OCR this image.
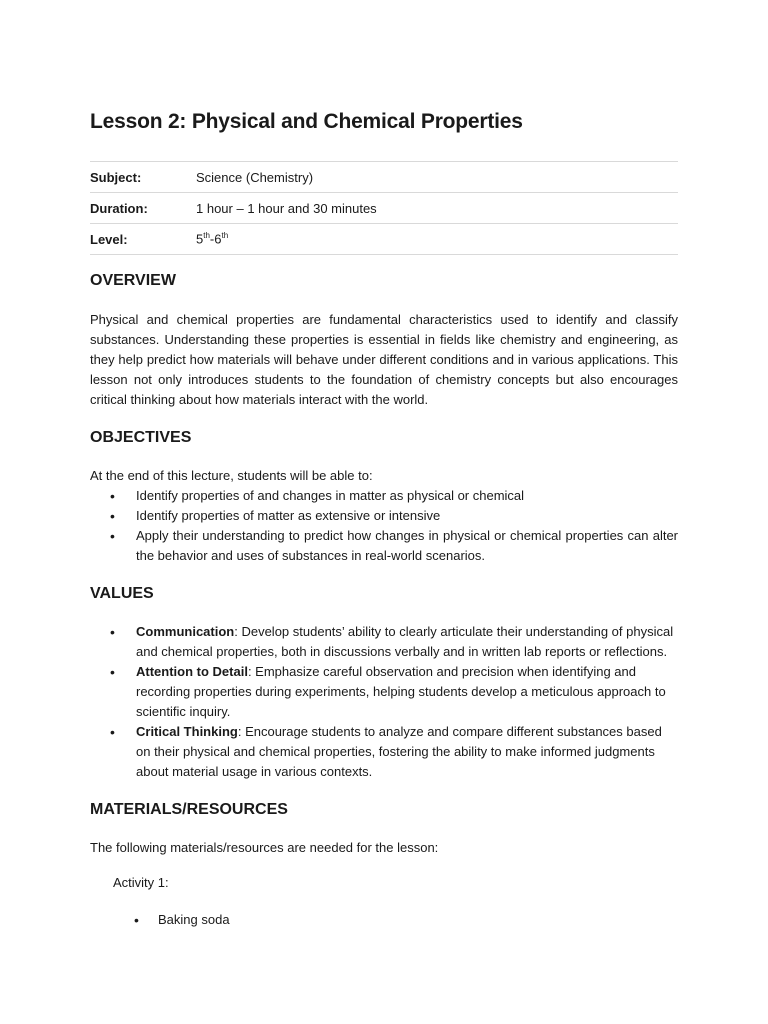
Lesson 2: Physical and Chemical Properties
Subject:	Science (Chemistry)
Duration:	1 hour – 1 hour and 30 minutes
Level:	5th-6th
OVERVIEW

Physical and chemical properties are fundamental characteristics used to identify and classify substances. Understanding these properties is essential in fields like chemistry and engineering, as they help predict how materials will behave under different conditions and in various applications. This lesson not only introduces students to the foundation of chemistry concepts but also encourages critical thinking about how materials interact with the world.

OBJECTIVES

At the end of this lecture, students will be able to:

• Identify properties of and changes in matter as physical or chemical
• Identify properties of matter as extensive or intensive
• Apply their understanding to predict how changes in physical or chemical properties can alter the behavior and uses of substances in real-world scenarios.
VALUES
• Communication: Develop students’ ability to clearly articulate their understanding of physical and chemical properties, both in discussions verbally and in written lab reports or reflections.
• Attention to Detail: Emphasize careful observation and precision when identifying and recording properties during experiments, helping students develop a meticulous approach to scientific inquiry.
• Critical Thinking: Encourage students to analyze and compare different substances based on their physical and chemical properties, fostering the ability to make informed judgments about material usage in various contexts.
MATERIALS/RESOURCES

The following materials/resources are needed for the lesson:

Activity 1:
• Baking soda
